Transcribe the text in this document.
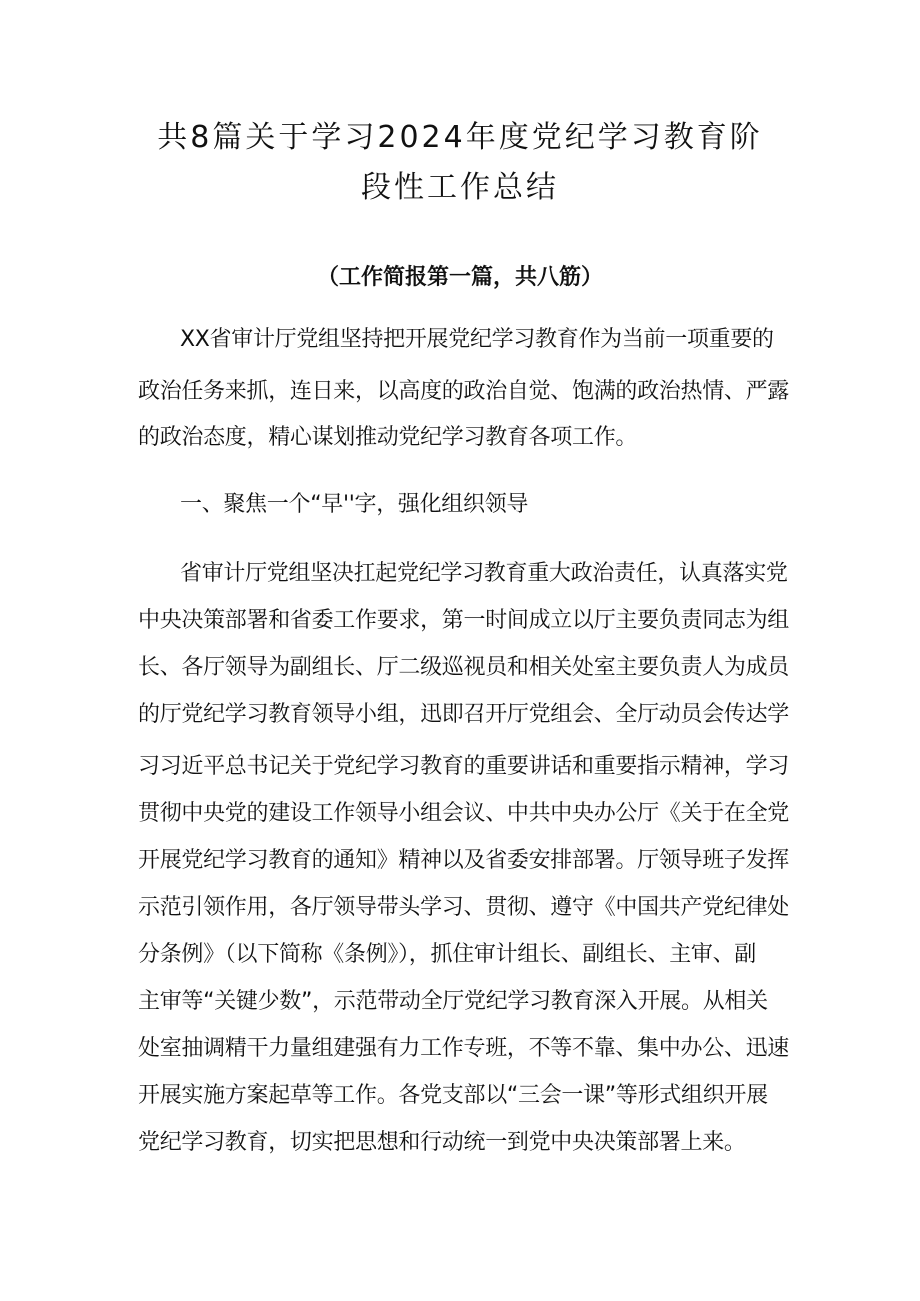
共8篇关于学习2024年度党纪学习教育阶
段性工作总结

（工作简报第一篇，共八筋）

XX省审计厅党组坚持把开展党纪学习教育作为当前一项重要的

政治任务来抓，连日来，以高度的政治自觉、饱满的政治热情、严露

的政治态度，精心谋划推动党纪学习教育各项工作。

一、聚焦一个“早''字，强化组织领导

省审计厅党组坚决扛起党纪学习教育重大政治责任，认真落实党

中央决策部署和省委工作要求，第一时间成立以厅主要负责同志为组

长、各厅领导为副组长、厅二级巡视员和相关处室主要负责人为成员

的厅党纪学习教育领导小组，迅即召开厅党组会、全厅动员会传达学

习习近平总书记关于党纪学习教育的重要讲话和重要指示精神，学习

贯彻中央党的建设工作领导小组会议、中共中央办公厅《关于在全党

开展党纪学习教育的通知》精神以及省委安排部署。厅领导班子发挥

示范引领作用，各厅领导带头学习、贯彻、遵守《中国共产党纪律处

分条例》（以下简称《条例》），抓住审计组长、副组长、主审、副

主审等“关键少数”，示范带动全厅党纪学习教育深入开展。从相关

处室抽调精干力量组建强有力工作专班，不等不靠、集中办公、迅速

开展实施方案起草等工作。各党支部以“三会一课”等形式组织开展

党纪学习教育，切实把思想和行动统一到党中央决策部署上来。
